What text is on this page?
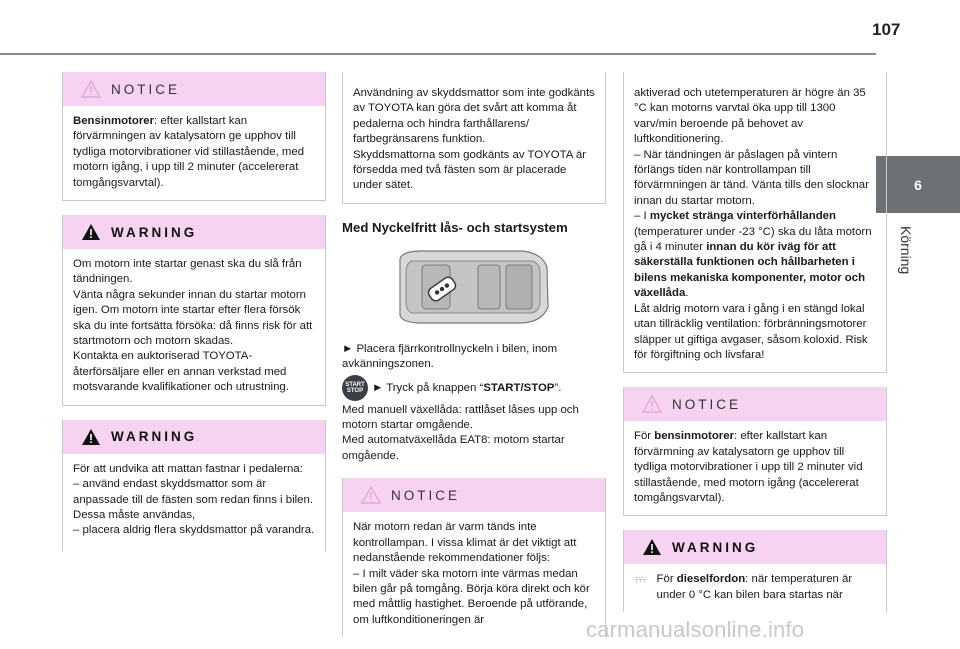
107
6
Körning
NOTICE
Bensinmotorer: efter kallstart kan förvärmningen av katalysatorn ge upphov till tydliga motorvibrationer vid stillastående, med motorn igång, i upp till 2 minuter (accelererat tomgångsvarvtal).
WARNING

Om motorn inte startar genast ska du slå från tändningen.

Vänta några sekunder innan du startar motorn igen. Om motorn inte startar efter flera försök ska du inte fortsätta försöka: då finns risk för att startmotorn och motorn skadas.

Kontakta en auktoriserad TOYOTA-återförsäljare eller en annan verkstad med motsvarande kvalifikationer och utrustning.

WARNING

För att undvika att mattan fastnar i pedalerna:

– använd endast skyddsmattor som är anpassade till de fästen som redan finns i bilen. Dessa måste användas,

– placera aldrig flera skyddsmattor på varandra.

Användning av skyddsmattor som inte godkänts av TOYOTA kan göra det svårt att komma åt pedalerna och hindra farthållarens/ fartbegränsarens funktion.

Skyddsmattorna som godkänts av TOYOTA är försedda med två fästen som är placerade under sätet.

Med Nyckelfritt lås- och startsystem

► Placera fjärrkontrollnyckeln i bilen, inom avkänningszonen.

START
STOP ► Tryck på knappen “START/STOP”.

Med manuell växellåda: rattlåset låses upp och motorn startar omgående.

Med automatväxellåda EAT8: motorn startar omgående.

NOTICE

När motorn redan är varm tänds inte kontrollampan. I vissa klimat är det viktigt att nedanstående rekommendationer följs:

– I milt väder ska motorn inte värmas medan bilen går på tomgång. Börja köra direkt och kör med måttlig hastighet. Beroende på utförande, om luftkonditioneringen är

aktiverad och utetemperaturen är högre än 35 °C kan motorns varvtal öka upp till 1300 varv/min beroende på behovet av luftkonditionering.

– När tändningen är påslagen på vintern förlängs tiden när kontrollampan till förvärmningen är tänd. Vänta tills den slocknar innan du startar motorn.

– I mycket stränga vinterförhållanden (temperaturer under -23 °C) ska du låta motorn gå i 4 minuter innan du kör iväg för att säkerställa funktionen och hållbarheten i bilens mekaniska komponenter, motor och växellåda.

Låt aldrig motorn vara i gång i en stängd lokal utan tillräcklig ventilation: förbränningsmotorer släpper ut giftiga avgaser, såsom koloxid. Risk för förgiftning och livsfara!

NOTICE
För bensinmotorer: efter kallstart kan förvärmning av katalysatorn ge upphov till tydliga motorvibrationer i upp till 2 minuter vid stillastående, med motorn igång (accelererat tomgångsvarvtal).
WARNING
För dieselfordon: när temperaturen är under 0 °C kan bilen bara startas när
carmanualsonline.info
